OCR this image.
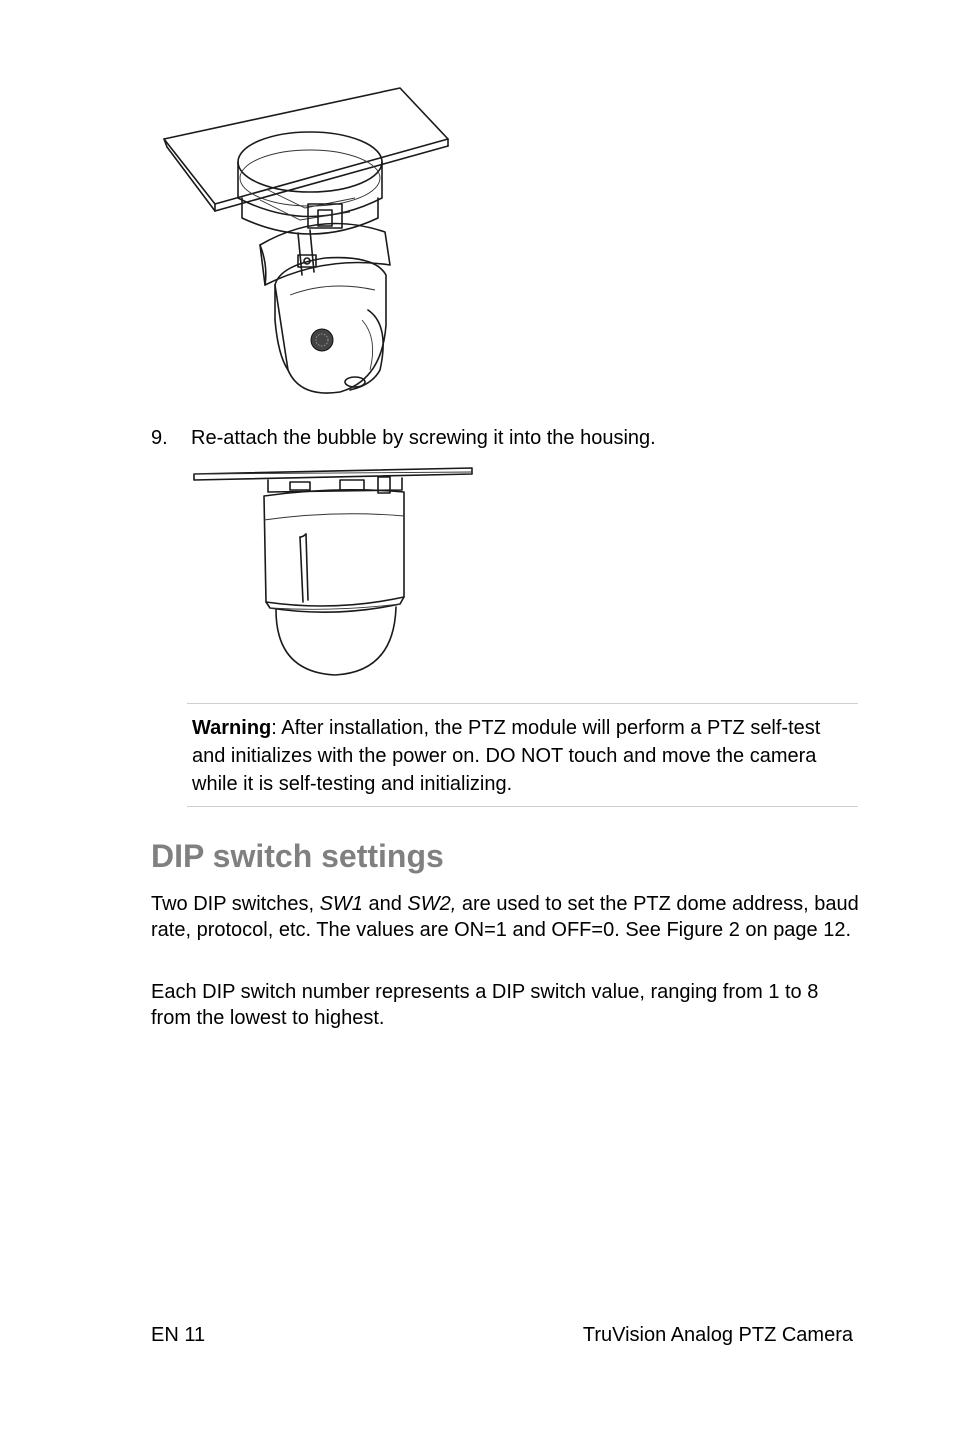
9. Re-attach the bubble by screwing it into the housing.

Warning: After installation, the PTZ module will perform a PTZ self-test and initializes with the power on. DO NOT touch and move the camera while it is self-testing and initializing.

DIP switch settings

Two DIP switches, SW1 and SW2, are used to set the PTZ dome address, baud rate, protocol, etc. The values are ON=1 and OFF=0. See Figure 2 on page 12.

Each DIP switch number represents a DIP switch value, ranging from 1 to 8 from the lowest to highest.

EN 11	TruVision Analog PTZ Camera
